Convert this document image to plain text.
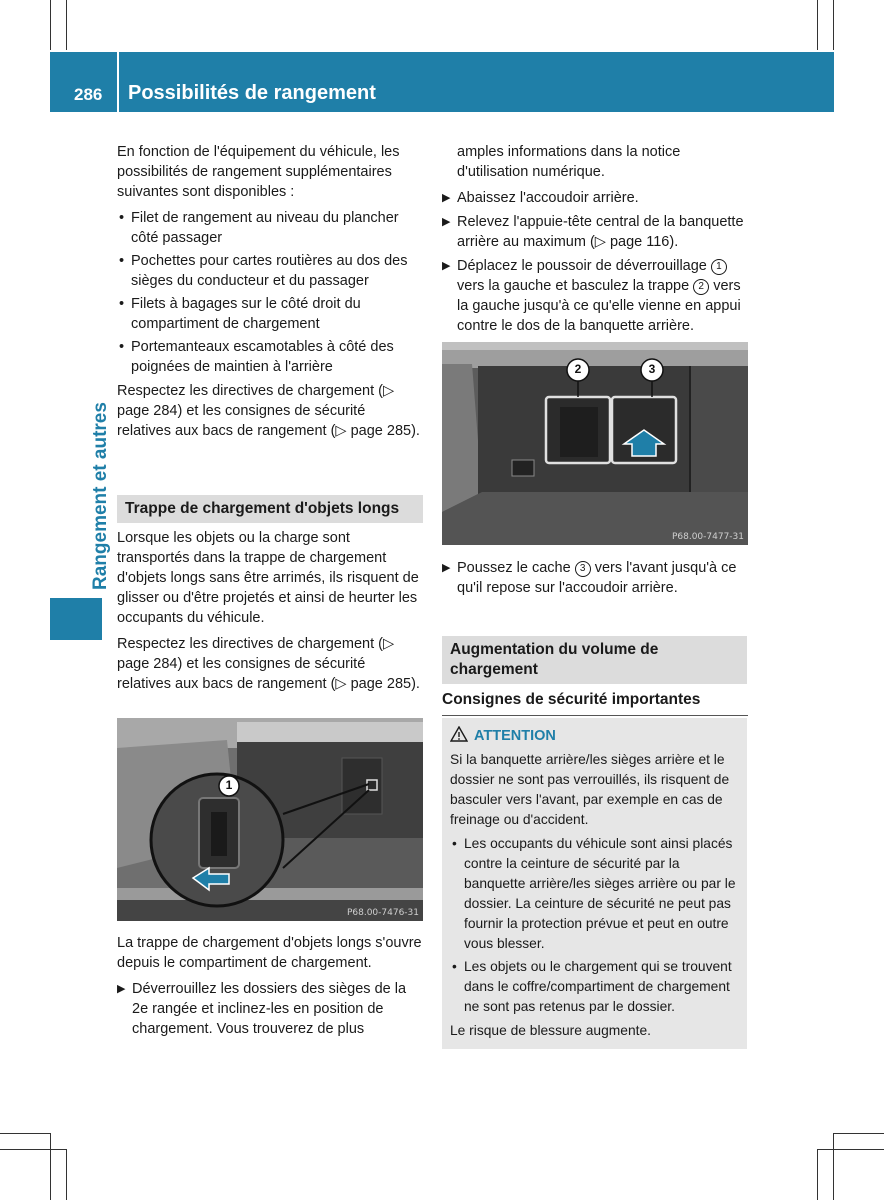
286 Possibilités de rangement
Rangement et autres

En fonction de l'équipement du véhicule, les possibilités de rangement supplémentaires suivantes sont disponibles :

• Filet de rangement au niveau du plancher côté passager
• Pochettes pour cartes routières au dos des sièges du conducteur et du passager
• Filets à bagages sur le côté droit du compartiment de chargement
• Portemanteaux escamotables à côté des poignées de maintien à l'arrière

Respectez les directives de chargement (▷ page 284) et les consignes de sécurité relatives aux bacs de rangement (▷ page 285).

Trappe de chargement d'objets longs

Lorsque les objets ou la charge sont transportés dans la trappe de chargement d'objets longs sans être arrimés, ils risquent de glisser ou d'être projetés et ainsi de heurter les occupants du véhicule.

Respectez les directives de chargement (▷ page 284) et les consignes de sécurité relatives aux bacs de rangement (▷ page 285).

1
P68.00-7476-31

La trappe de chargement d'objets longs s'ouvre depuis le compartiment de chargement.

▶ Déverrouillez les dossiers des sièges de la 2e rangée et inclinez-les en position de chargement. Vous trouverez de plus

amples informations dans la notice d'utilisation numérique.

▶ Abaissez l'accoudoir arrière.
▶ Relevez l'appuie-tête central de la banquette arrière au maximum (▷ page 116).
▶ Déplacez le poussoir de déverrouillage 1 vers la gauche et basculez la trappe 2 vers la gauche jusqu'à ce qu'elle vienne en appui contre le dos de la banquette arrière.
2	3
P68.00-7477-31
▶ Poussez le cache 3 vers l'avant jusqu'à ce qu'il repose sur l'accoudoir arrière.
Augmentation du volume de chargement
Consignes de sécurité importantes
ATTENTION

Si la banquette arrière/les sièges arrière et le dossier ne sont pas verrouillés, ils risquent de basculer vers l'avant, par exemple en cas de freinage ou d'accident.

• Les occupants du véhicule sont ainsi placés contre la ceinture de sécurité par la banquette arrière/les sièges arrière ou par le dossier. La ceinture de sécurité ne peut pas fournir la protection prévue et peut en outre vous blesser.
• Les objets ou le chargement qui se trouvent dans le coffre/compartiment de chargement ne sont pas retenus par le dossier.

Le risque de blessure augmente.
